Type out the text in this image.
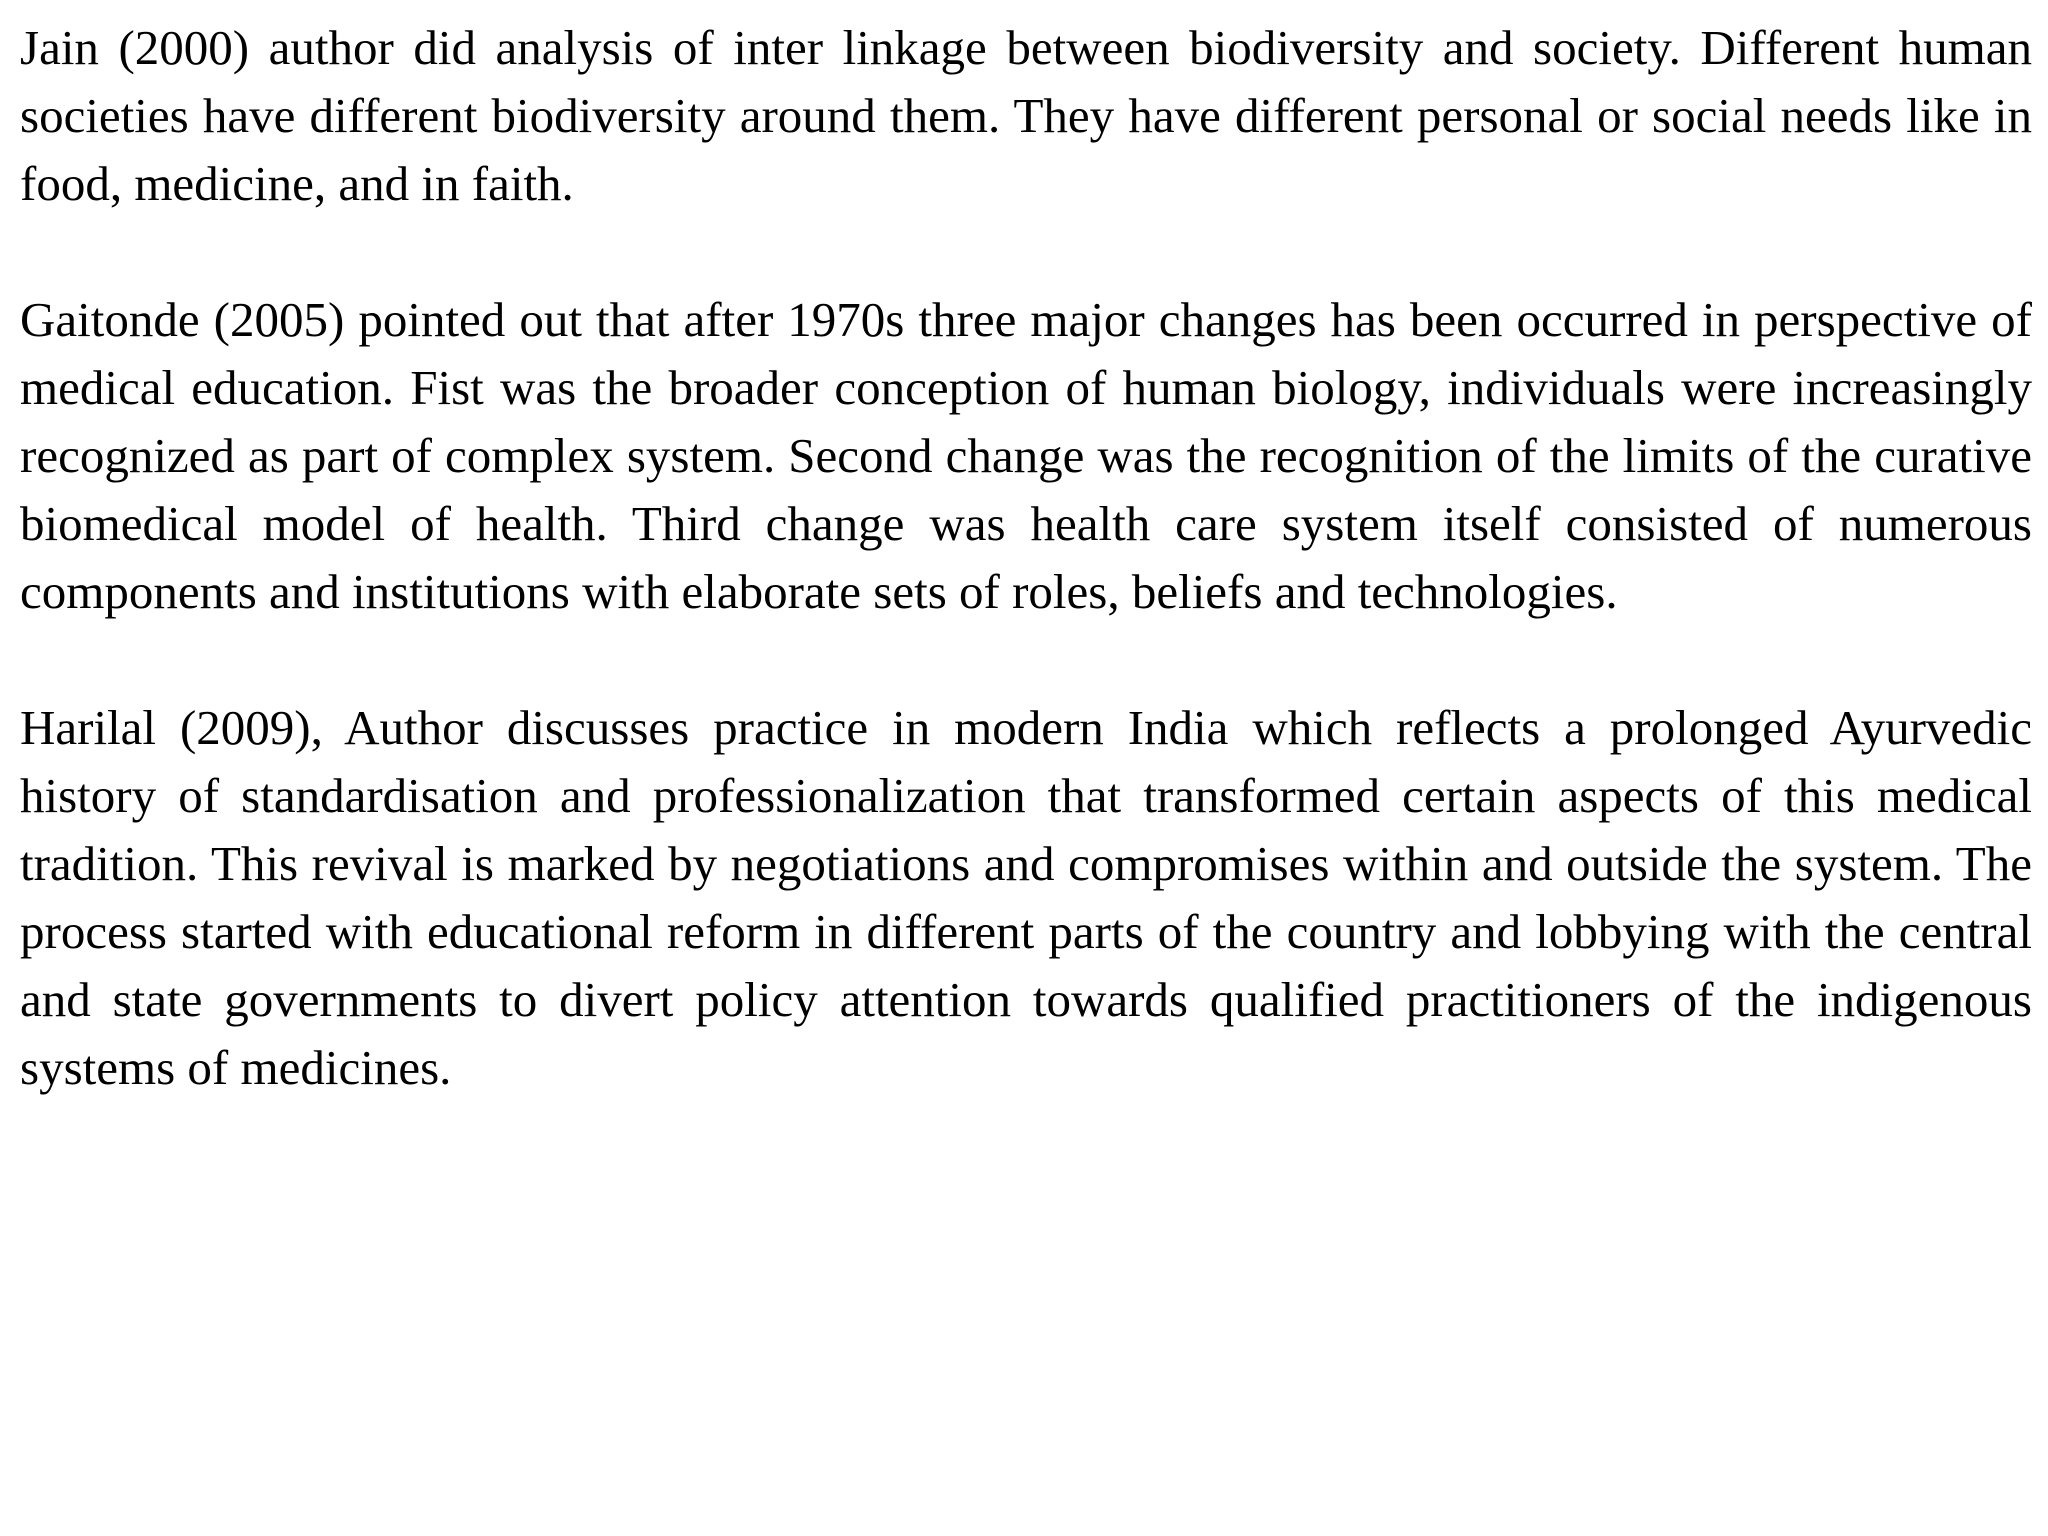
Jain (2000) author did analysis of inter linkage between biodiversity and society. Different human societies have different biodiversity around them. They have different personal or social needs like in food, medicine, and in faith.

Gaitonde (2005) pointed out that after 1970s three major changes has been occurred in perspective of medical education. Fist was the broader conception of human biology, individuals were increasingly recognized as part of complex system. Second change was the recognition of the limits of the curative biomedical model of health. Third change was health care system itself consisted of numerous components and institutions with elaborate sets of roles, beliefs and technologies.

Harilal (2009), Author discusses practice in modern India which reflects a prolonged Ayurvedic history of standardisation and professionalization that transformed certain aspects of this medical tradition. This revival is marked by negotiations and compromises within and outside the system. The process started with educational reform in different parts of the country and lobbying with the central and state governments to divert policy attention towards qualified practitioners of the indigenous systems of medicines.
